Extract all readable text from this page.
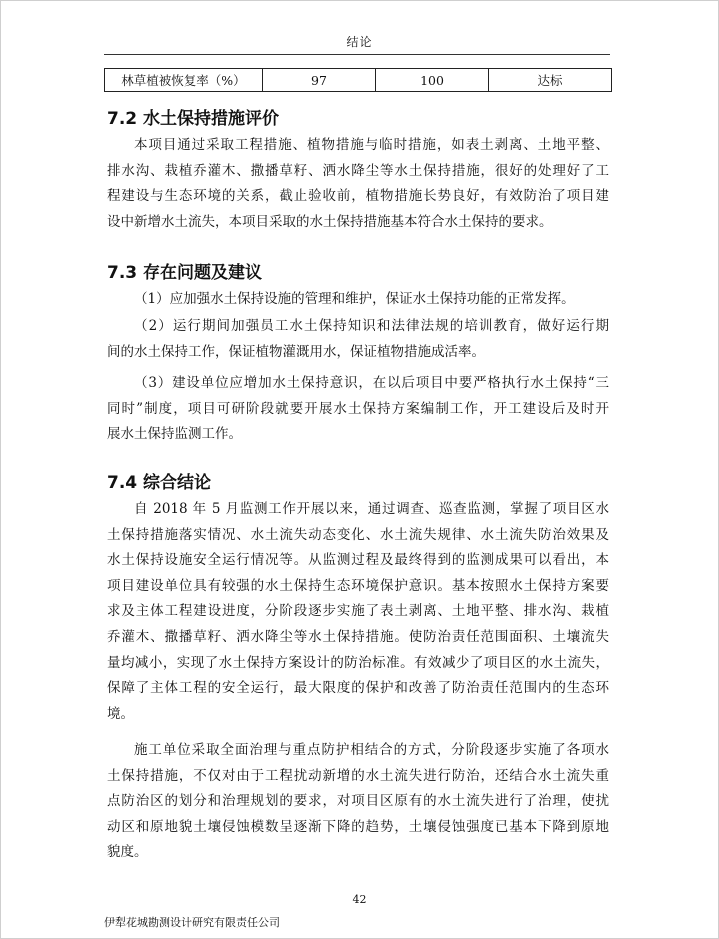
结论
林草植被恢复率（%）	97	100	达标
7.2 水土保持措施评价
本项目通过采取工程措施、植物措施与临时措施，如表土剥离、土地平整、
排水沟、栽植乔灌木、撒播草籽、洒水降尘等水土保持措施，很好的处理好了工
程建设与生态环境的关系，截止验收前，植物措施长势良好，有效防治了项目建
设中新增水土流失，本项目采取的水土保持措施基本符合水土保持的要求。
7.3 存在问题及建议
（1）应加强水土保持设施的管理和维护，保证水土保持功能的正常发挥。
（2）运行期间加强员工水土保持知识和法律法规的培训教育，做好运行期
间的水土保持工作，保证植物灌溉用水，保证植物措施成活率。
（3）建设单位应增加水土保持意识，在以后项目中要严格执行水土保持“三
同时”制度，项目可研阶段就要开展水土保持方案编制工作，开工建设后及时开
展水土保持监测工作。
7.4 综合结论
自 2018 年 5 月监测工作开展以来，通过调查、巡查监测，掌握了项目区水
土保持措施落实情况、水土流失动态变化、水土流失规律、水土流失防治效果及
水土保持设施安全运行情况等。从监测过程及最终得到的监测成果可以看出，本
项目建设单位具有较强的水土保持生态环境保护意识。基本按照水土保持方案要
求及主体工程建设进度，分阶段逐步实施了表土剥离、土地平整、排水沟、栽植
乔灌木、撒播草籽、洒水降尘等水土保持措施。使防治责任范围面积、土壤流失
量均减小，实现了水土保持方案设计的防治标准。有效减少了项目区的水土流失，
保障了主体工程的安全运行，最大限度的保护和改善了防治责任范围内的生态环
境。
施工单位采取全面治理与重点防护相结合的方式，分阶段逐步实施了各项水
土保持措施，不仅对由于工程扰动新增的水土流失进行防治，还结合水土流失重
点防治区的划分和治理规划的要求，对项目区原有的水土流失进行了治理，使扰
动区和原地貌土壤侵蚀模数呈逐渐下降的趋势，土壤侵蚀强度已基本下降到原地
貌度。
42
伊犁花城勘测设计研究有限责任公司
